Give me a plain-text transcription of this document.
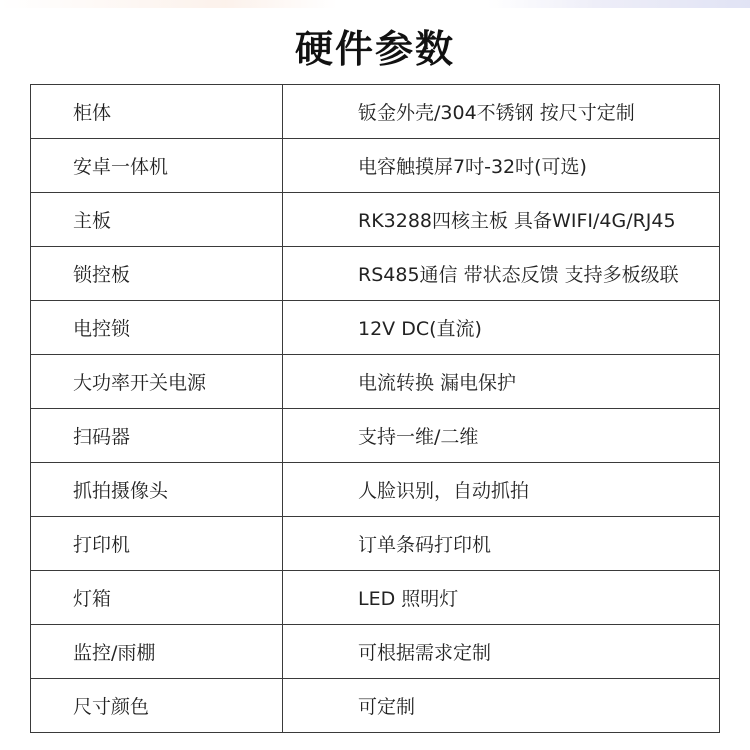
硬件参数
柜体	钣金外壳/304不锈钢 按尺寸定制
安卓一体机	电容触摸屏7吋-32吋(可选)
主板	RK3288四核主板 具备WIFI/4G/RJ45
锁控板	RS485通信 带状态反馈 支持多板级联
电控锁	12V DC(直流)
大功率开关电源	电流转换 漏电保护
扫码器	支持一维/二维
抓拍摄像头	人脸识别，自动抓拍
打印机	订单条码打印机
灯箱	LED 照明灯
监控/雨棚	可根据需求定制
尺寸颜色	可定制
